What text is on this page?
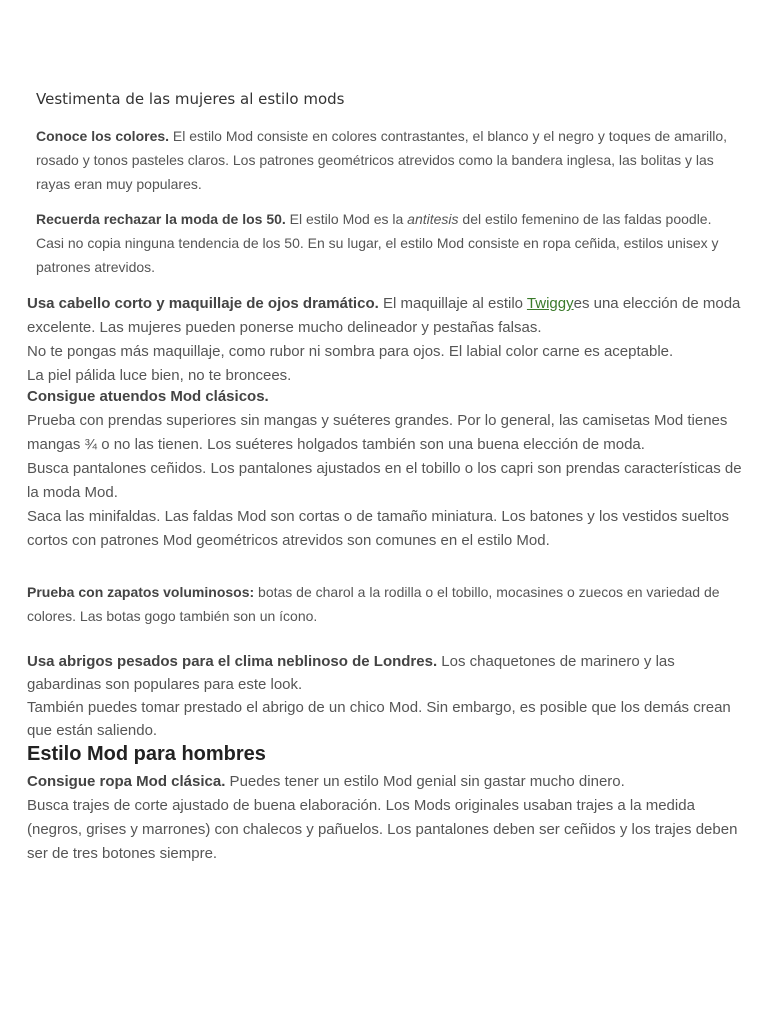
Vestimenta de las mujeres al estilo mods
Conoce los colores. El estilo Mod consiste en colores contrastantes, el blanco y el negro y toques de amarillo, rosado y tonos pasteles claros. Los patrones geométricos atrevidos como la bandera inglesa, las bolitas y las rayas eran muy populares.
Recuerda rechazar la moda de los 50. El estilo Mod es la antitesis del estilo femenino de las faldas poodle. Casi no copia ninguna tendencia de los 50. En su lugar, el estilo Mod consiste en ropa ceñida, estilos unisex y patrones atrevidos.
Usa cabello corto y maquillaje de ojos dramático. El maquillaje al estilo Twiggyes una elección de moda excelente. Las mujeres pueden ponerse mucho delineador y pestañas falsas.
No te pongas más maquillaje, como rubor ni sombra para ojos. El labial color carne es aceptable.
La piel pálida luce bien, no te broncees.
Consigue atuendos Mod clásicos.
Prueba con prendas superiores sin mangas y suéteres grandes. Por lo general, las camisetas Mod tienes mangas ¾ o no las tienen. Los suéteres holgados también son una buena elección de moda.
Busca pantalones ceñidos. Los pantalones ajustados en el tobillo o los capri son prendas características de la moda Mod.
Saca las minifaldas. Las faldas Mod son cortas o de tamaño miniatura. Los batones y los vestidos sueltos cortos con patrones Mod geométricos atrevidos son comunes en el estilo Mod.
Prueba con zapatos voluminosos: botas de charol a la rodilla o el tobillo, mocasines o zuecos en variedad de colores. Las botas gogo también son un ícono.
Usa abrigos pesados para el clima neblinoso de Londres. Los chaquetones de marinero y las gabardinas son populares para este look.
También puedes tomar prestado el abrigo de un chico Mod. Sin embargo, es posible que los demás crean que están saliendo.
Estilo Mod para hombres
Consigue ropa Mod clásica. Puedes tener un estilo Mod genial sin gastar mucho dinero.
Busca trajes de corte ajustado de buena elaboración. Los Mods originales usaban trajes a la medida (negros, grises y marrones) con chalecos y pañuelos. Los pantalones deben ser ceñidos y los trajes deben ser de tres botones siempre.
